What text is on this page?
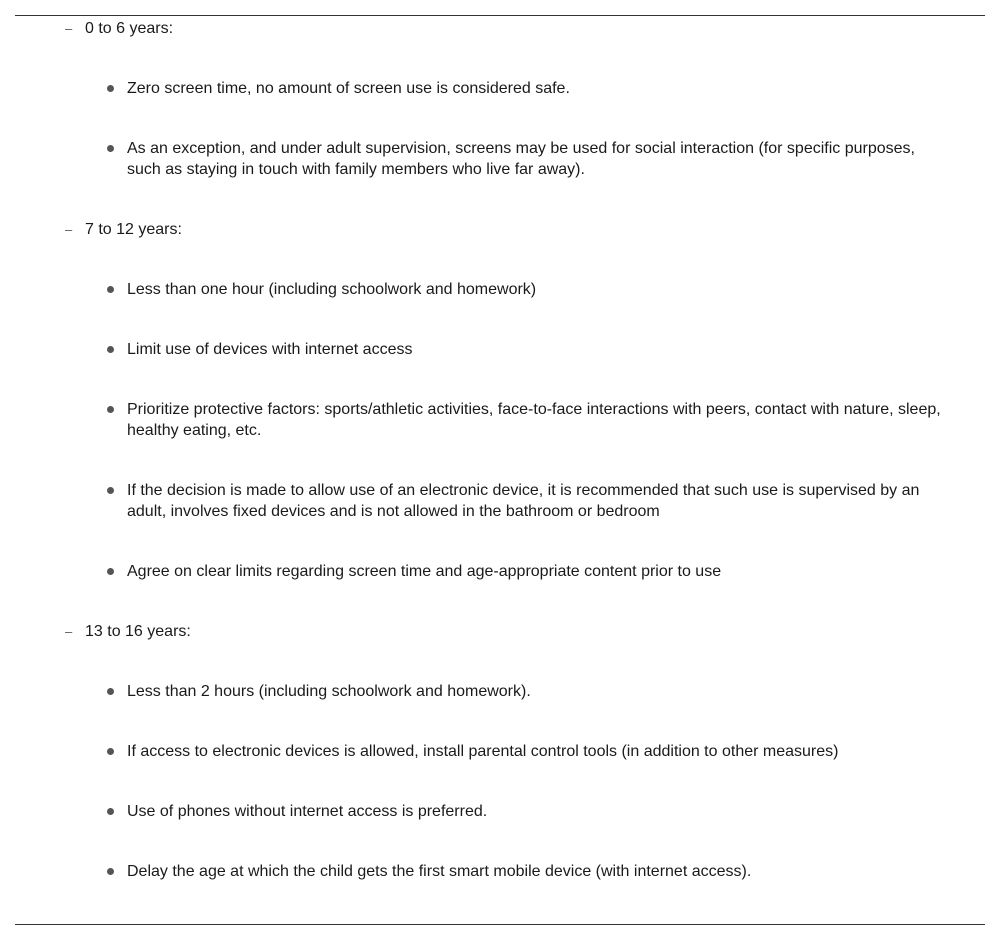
– 0 to 6 years:
Zero screen time, no amount of screen use is considered safe.
As an exception, and under adult supervision, screens may be used for social interaction (for specific purposes, such as staying in touch with family members who live far away).
– 7 to 12 years:
Less than one hour (including schoolwork and homework)
Limit use of devices with internet access
Prioritize protective factors: sports/athletic activities, face-to-face interactions with peers, contact with nature, sleep, healthy eating, etc.
If the decision is made to allow use of an electronic device, it is recommended that such use is supervised by an adult, involves fixed devices and is not allowed in the bathroom or bedroom
Agree on clear limits regarding screen time and age-appropriate content prior to use
– 13 to 16 years:
Less than 2 hours (including schoolwork and homework).
If access to electronic devices is allowed, install parental control tools (in addition to other measures)
Use of phones without internet access is preferred.
Delay the age at which the child gets the first smart mobile device (with internet access).
